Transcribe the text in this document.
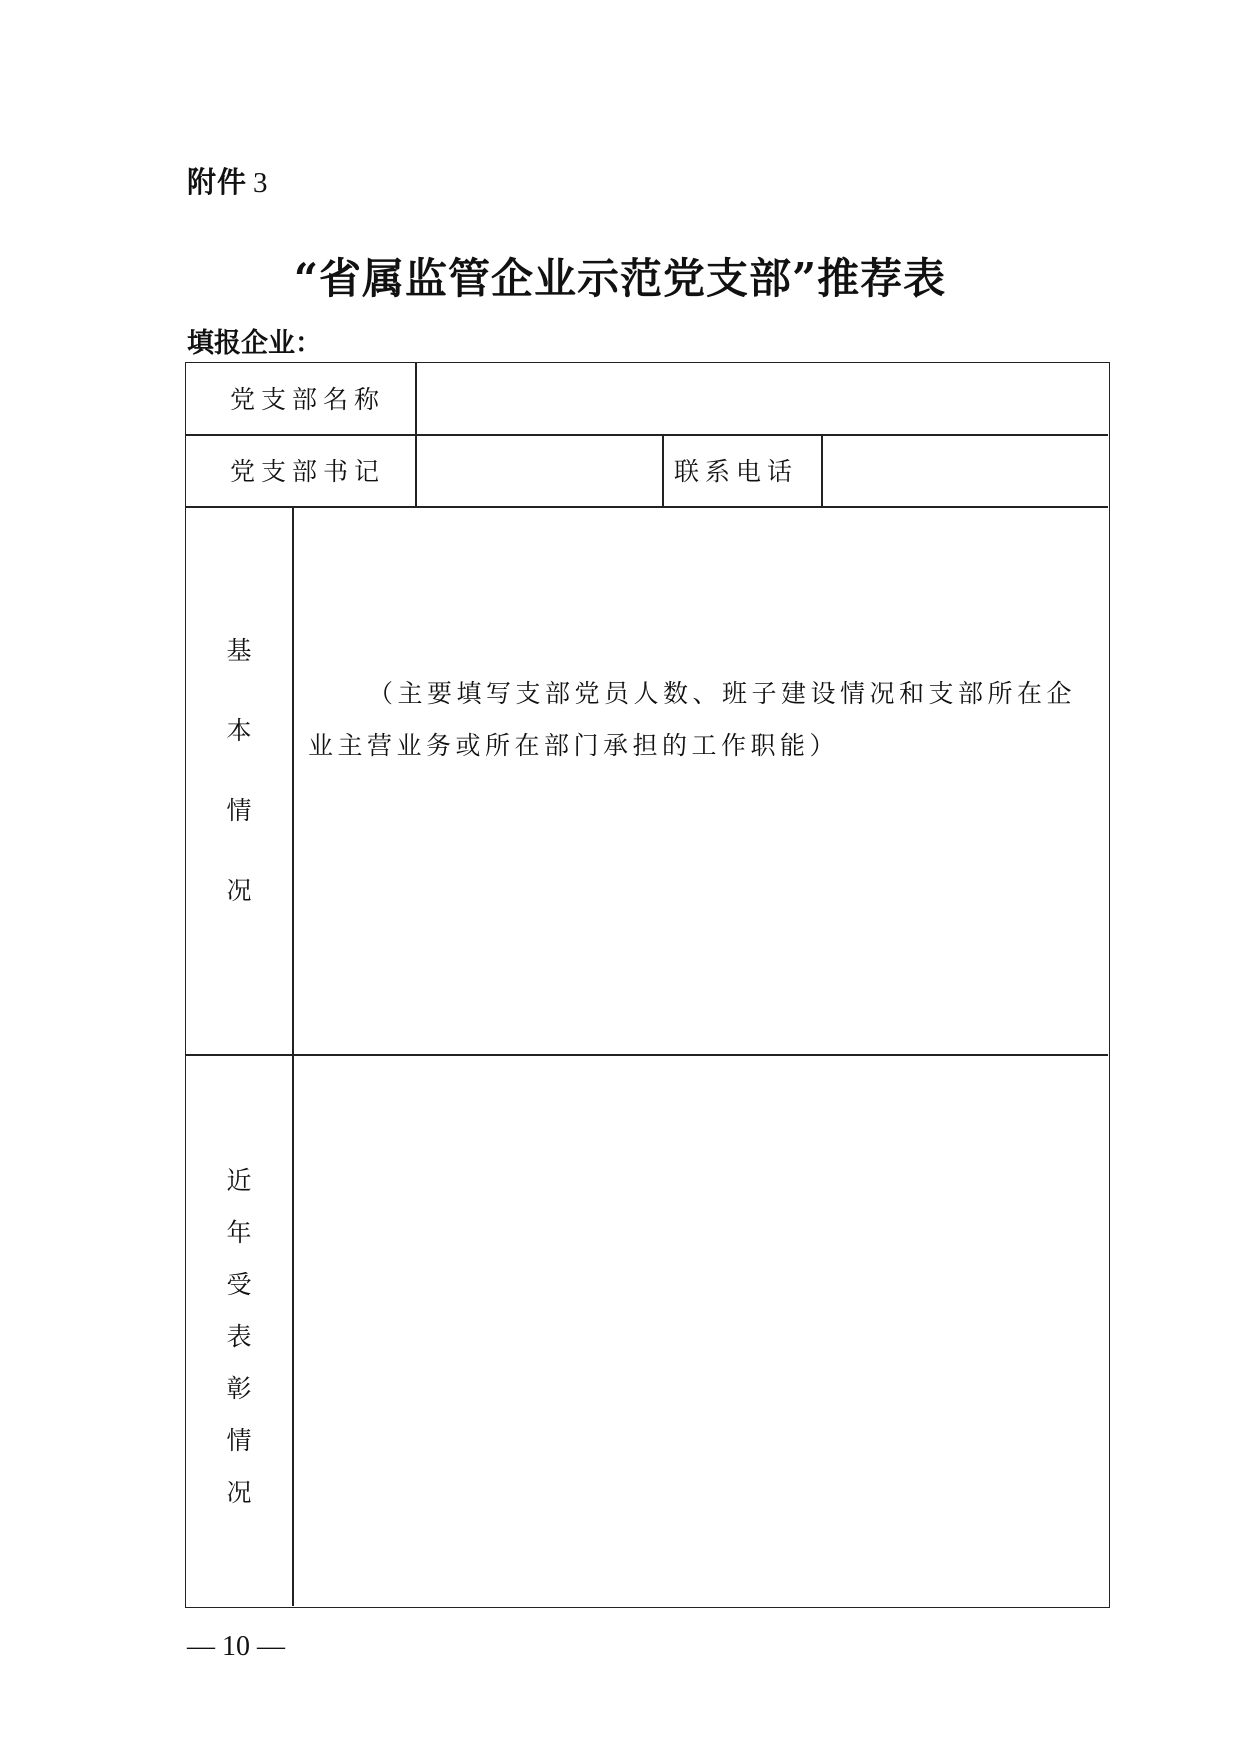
附件 3
“省属监管企业示范党支部”推荐表
填报企业：
党支部名称
党支部书记	联系电话
基
本
情
况
（主要填写支部党员人数、班子建设情况和支部所在企业主营业务或所在部门承担的工作职能）
近
年
受
表
彰
情
况
— 10 —
